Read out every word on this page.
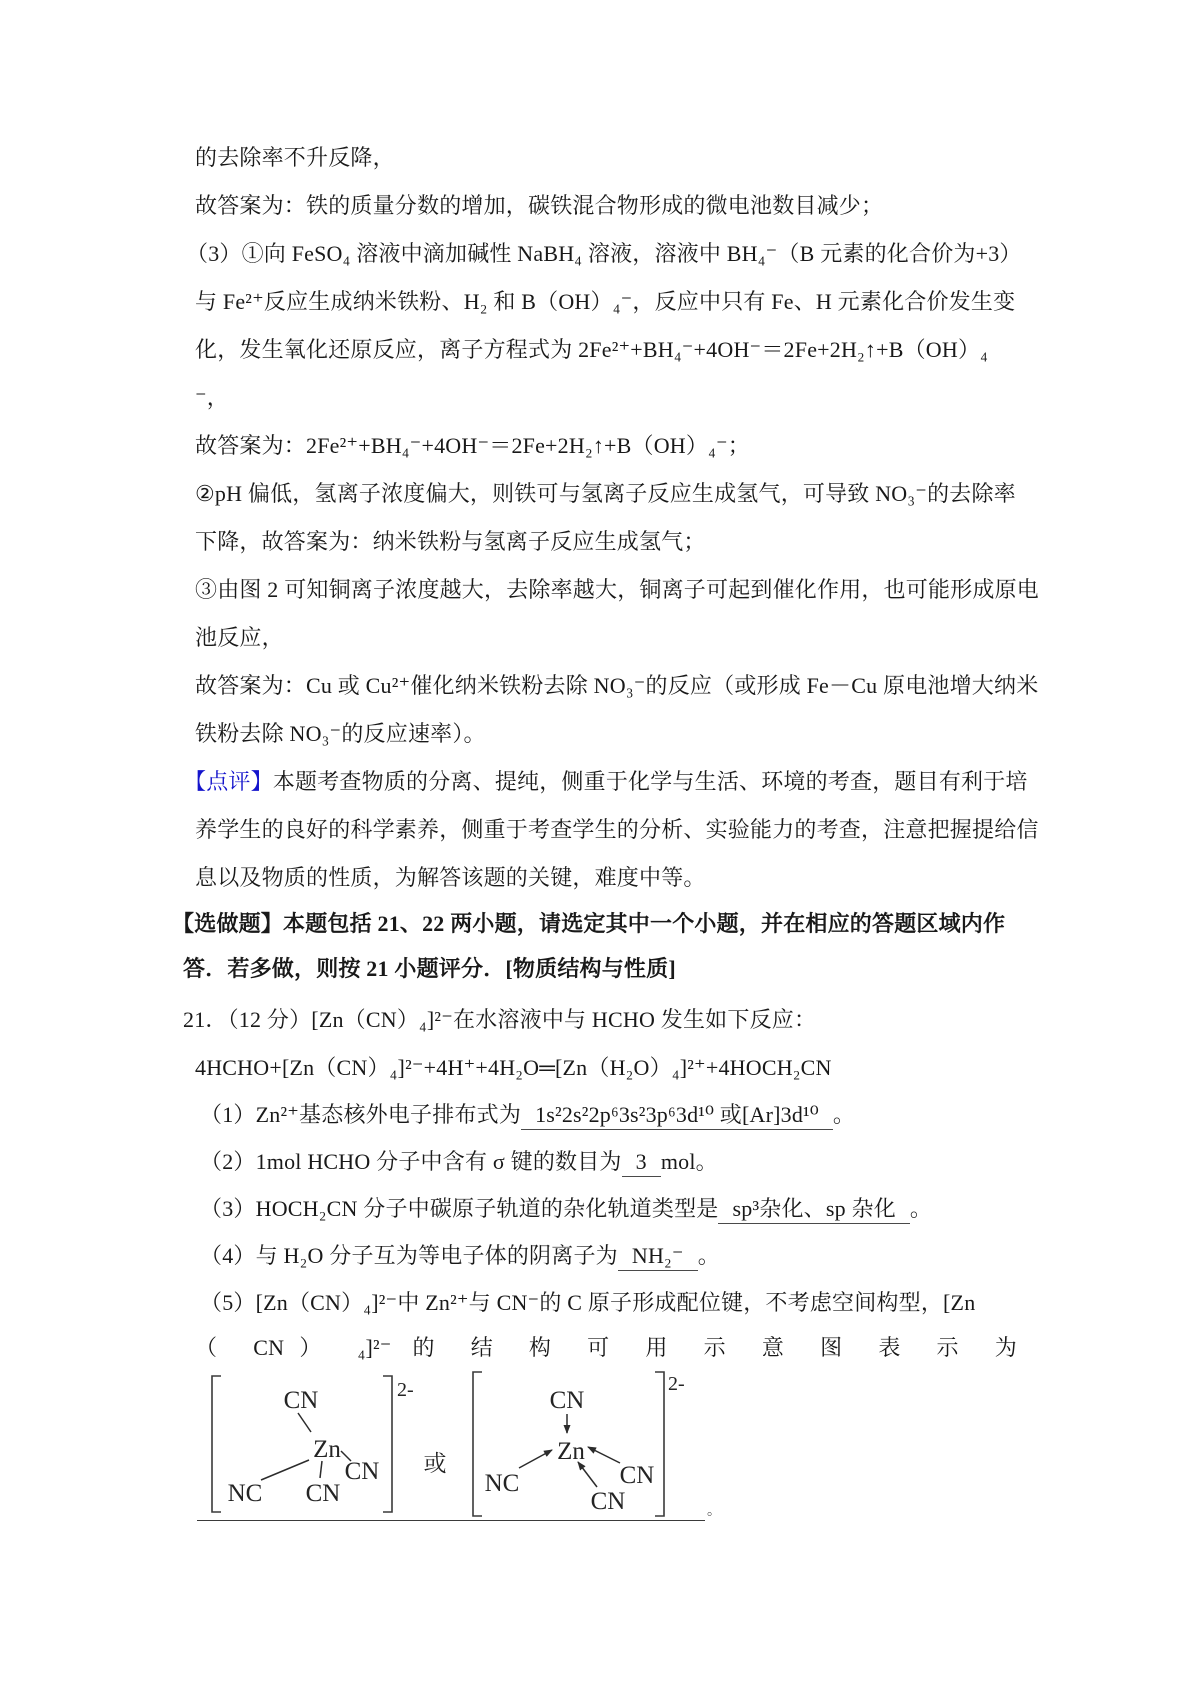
的去除率不升反降，
故答案为：铁的质量分数的增加，碳铁混合物形成的微电池数目减少；
（3）①向 FeSO₄ 溶液中滴加碱性 NaBH₄ 溶液，溶液中 BH₄⁻（B 元素的化合价为+3）
与 Fe²⁺反应生成纳米铁粉、H₂ 和 B（OH）₄⁻，反应中只有 Fe、H 元素化合价发生变
化，发生氧化还原反应，离子方程式为 2Fe²⁺+BH₄⁻+4OH⁻＝2Fe+2H₂↑+B（OH）₄
⁻，
故答案为：2Fe²⁺+BH₄⁻+4OH⁻＝2Fe+2H₂↑+B（OH）₄⁻；
②pH 偏低，氢离子浓度偏大，则铁可与氢离子反应生成氢气，可导致 NO₃⁻的去除率
下降，故答案为：纳米铁粉与氢离子反应生成氢气；
③由图 2 可知铜离子浓度越大，去除率越大，铜离子可起到催化作用，也可能形成原电
池反应，
故答案为：Cu 或 Cu²⁺催化纳米铁粉去除 NO₃⁻的反应（或形成 Fe－Cu 原电池增大纳米
铁粉去除 NO₃⁻的反应速率）。
【点评】本题考查物质的分离、提纯，侧重于化学与生活、环境的考查，题目有利于培
养学生的良好的科学素养，侧重于考查学生的分析、实验能力的考查，注意把握提给信
息以及物质的性质，为解答该题的关键，难度中等。
【选做题】本题包括 21、22 两小题，请选定其中一个小题，并在相应的答题区域内作
答．若多做，则按 21 小题评分．[物质结构与性质]
21．（12 分）[Zn（CN）₄]²⁻在水溶液中与 HCHO 发生如下反应：
4HCHO+[Zn（CN）₄]²⁻+4H⁺+4H₂O═[Zn（H₂O）₄]²⁺+4HOCH₂CN
（1）Zn²⁺基态核外电子排布式为 1s²2s²2p⁶3s²3p⁶3d¹⁰ 或[Ar]3d¹⁰ 。
（2）1mol HCHO 分子中含有 σ 键的数目为 3 mol。
（3）HOCH₂CN 分子中碳原子轨道的杂化轨道类型是 sp³杂化、sp 杂化 。
（4）与 H₂O 分子互为等电子体的阴离子为 NH₂⁻ 。
（5）[Zn（CN）₄]²⁻中 Zn²⁺与 CN⁻的 C 原子形成配位键，不考虑空间构型，[Zn
（ CN） ₄]²⁻ 的 结 构 可 用 示 意 图 表 示 为
2-
CN
Zn
NC CN
CN 或
2-
CN
Zn
NC
CN
CN
。
